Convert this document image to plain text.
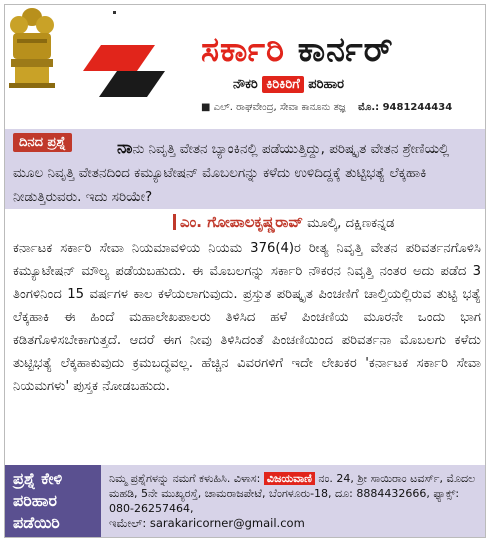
ಸರ್ಕಾರಿ ಕಾರ್ನರ್
ನೌಕರಿ ಕಿರಿಕಿರಿಗೆ ಪರಿಹಾರ
■ ಎಲ್. ರಾಘವೇಂದ್ರ, ಸೇವಾ ಕಾನೂನು ತಜ್ಞ ಮೊ.: 9481244434

ನಾನು ನಿವೃತ್ತಿ ವೇತನ ಬ್ಯಾಂಕಿನಲ್ಲಿ ಪಡೆಯುತ್ತಿದ್ದು, ಪರಿಷ್ಕೃತ ವೇತನ ಶ್ರೇಣಿಯಲ್ಲಿ ಮೂಲ ನಿವೃತ್ತಿ ವೇತನದಿಂದ ಕಮ್ಯೂಟೇಷನ್ ಮೊಬಲಗನ್ನು ಕಳೆದು ಉಳಿದಿದ್ದಕ್ಕೆ ತುಟ್ಟಿಭತ್ಯೆ ಲೆಕ್ಕಹಾಕಿ ನೀಡುತ್ತಿರುವರು. ಇದು ಸರಿಯೇ?

ದಿನದ ಪ್ರಶ್ನೆ
ಎಂ. ಗೋಪಾಲಕೃಷ್ಣರಾವ್ ಮೂಲ್ಕಿ, ದಕ್ಷಿಣಕನ್ನಡ

ಕರ್ನಾಟಕ ಸರ್ಕಾರಿ ಸೇವಾ ನಿಯಮಾವಳಿಯ ನಿಯಮ 376(4)ರ ರೀತ್ಯ ನಿವೃತ್ತಿ ವೇತನ ಪರಿವರ್ತನಗೊಳಿಸಿ ಕಮ್ಯೂಟೇಷನ್ ಮೌಲ್ಯ ಪಡೆಯಬಹುದು. ಈ ಮೊಬಲಗನ್ನು ಸರ್ಕಾರಿ ನೌಕರನ ನಿವೃತ್ತಿ ನಂತರ ಅದು ಪಡೆದ 3 ತಿಂಗಳಿನಿಂದ 15 ವರ್ಷಗಳ ಕಾಲ ಕಳೆಯಲಾಗುವುದು. ಪ್ರಸ್ತುತ ಪರಿಷ್ಕೃತ ಪಿಂಚಣಿಗೆ ಚಾಲ್ತಿಯಲ್ಲಿರುವ ತುಟ್ಟಿ ಭತ್ಯೆ ಲೆಕ್ಕಹಾಕಿ ಈ ಹಿಂದೆ ಮಹಾಲೇಖಪಾಲರು ತಿಳಿಸಿದ ಹಳೆ ಪಿಂಚಣಿಯ ಮೂರನೇ ಒಂದು ಭಾಗ ಕಡಿತಗೊಳಿಸಬೇಕಾಗುತ್ತದೆ. ಆದರೆ ಈಗ ನೀವು ತಿಳಿಸಿದಂತೆ ಪಿಂಚಣಿಯಿಂದ ಪರಿವರ್ತನಾ ಮೊಬಲಗು ಕಳೆದು ತುಟ್ಟಿಭತ್ಯೆ ಲೆಕ್ಕಹಾಕುವುದು ಕ್ರಮಬದ್ಧವಲ್ಲ. ಹೆಚ್ಚಿನ ವಿವರಗಳಿಗೆ ಇದೇ ಲೇಖಕರ 'ಕರ್ನಾಟಕ ಸರ್ಕಾರಿ ಸೇವಾ ನಿಯಮಗಳು' ಪುಸ್ತಕ ನೋಡಬಹುದು.

ಪ್ರಶ್ನೆ ಕೇಳಿ
ಪರಿಹಾರ
ಪಡೆಯಿರಿ

ನಿಮ್ಮ ಪ್ರಶ್ನೆಗಳನ್ನು ನಮಗೆ ಕಳುಹಿಸಿ. ವಿಳಾಸ: ವಿಜಯವಾಣಿ ನಂ. 24, ಶ್ರೀ ಸಾಯಿರಾಂ ಟವರ್ಸ್, ಮೊದಲ ಮಹಡಿ, 5ನೇ ಮುಖ್ಯರಸ್ತೆ, ಚಾಮರಾಜಪೇಟೆ, ಬೆಂಗಳೂರು-18, ದೂ: 8884432666, ಫ್ಯಾಕ್ಸ್: 080-26257464,

ಇಮೇಲ್: sarakaricorner@gmail.com
